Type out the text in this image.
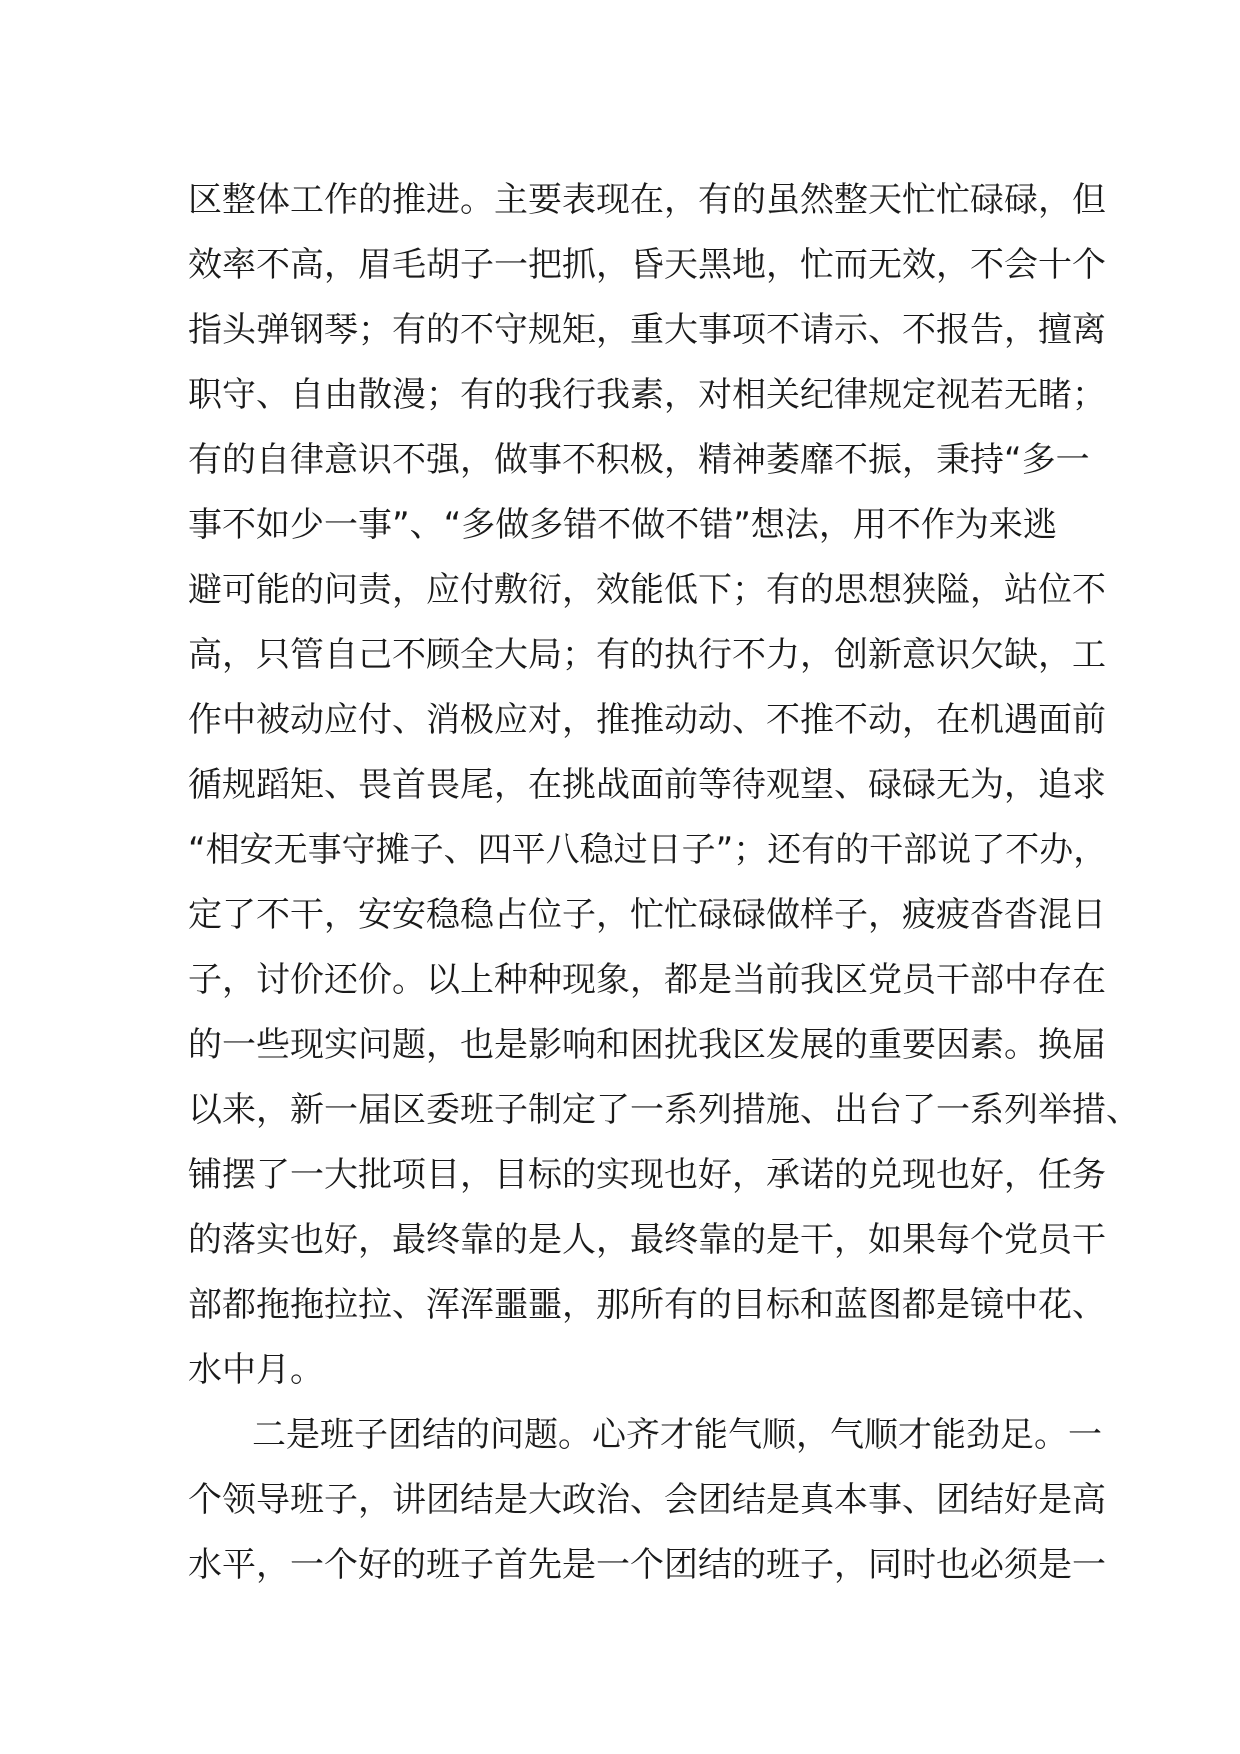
区整体工作的推进。主要表现在，有的虽然整天忙忙碌碌，但
效率不高，眉毛胡子一把抓，昏天黑地，忙而无效，不会十个
指头弹钢琴；有的不守规矩，重大事项不请示、不报告，擅离
职守、自由散漫；有的我行我素，对相关纪律规定视若无睹；
有的自律意识不强，做事不积极，精神萎靡不振，秉持“多一
事不如少一事”、“多做多错不做不错”想法，用不作为来逃
避可能的问责，应付敷衍，效能低下；有的思想狭隘，站位不
高，只管自己不顾全大局；有的执行不力，创新意识欠缺，工
作中被动应付、消极应对，推推动动、不推不动，在机遇面前
循规蹈矩、畏首畏尾，在挑战面前等待观望、碌碌无为，追求
“相安无事守摊子、四平八稳过日子”；还有的干部说了不办，
定了不干，安安稳稳占位子，忙忙碌碌做样子，疲疲沓沓混日
子，讨价还价。以上种种现象，都是当前我区党员干部中存在
的一些现实问题，也是影响和困扰我区发展的重要因素。换届
以来，新一届区委班子制定了一系列措施、出台了一系列举措、
铺摆了一大批项目，目标的实现也好，承诺的兑现也好，任务
的落实也好，最终靠的是人，最终靠的是干，如果每个党员干
部都拖拖拉拉、浑浑噩噩，那所有的目标和蓝图都是镜中花、
水中月。
二是班子团结的问题。心齐才能气顺，气顺才能劲足。一
个领导班子，讲团结是大政治、会团结是真本事、团结好是高
水平，一个好的班子首先是一个团结的班子，同时也必须是一
